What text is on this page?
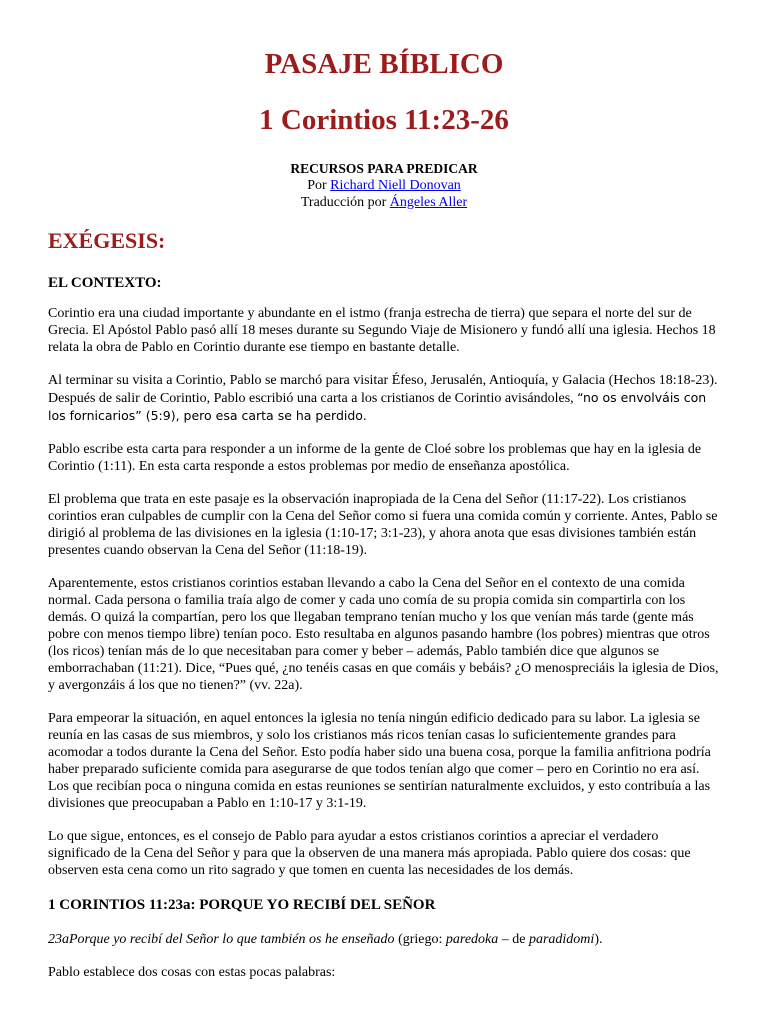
PASAJE BÍBLICO
1 Corintios 11:23-26
RECURSOS PARA PREDICAR
Por Richard Niell Donovan
Traducción por Ángeles Aller
EXÉGESIS:
EL CONTEXTO:

Corintio era una ciudad importante y abundante en el istmo (franja estrecha de tierra) que separa el norte del sur de Grecia. El Apóstol Pablo pasó allí 18 meses durante su Segundo Viaje de Misionero y fundó allí una iglesia. Hechos 18 relata la obra de Pablo en Corintio durante ese tiempo en bastante detalle.

Al terminar su visita a Corintio, Pablo se marchó para visitar Éfeso, Jerusalén, Antioquía, y Galacia (Hechos 18:18-23). Después de salir de Corintio, Pablo escribió una carta a los cristianos de Corintio avisándoles, “no os envolváis con los fornicarios” (5:9), pero esa carta se ha perdido.

Pablo escribe esta carta para responder a un informe de la gente de Cloé sobre los problemas que hay en la iglesia de Corintio (1:11). En esta carta responde a estos problemas por medio de enseñanza apostólica.

El problema que trata en este pasaje es la observación inapropiada de la Cena del Señor (11:17-22). Los cristianos corintios eran culpables de cumplir con la Cena del Señor como si fuera una comida común y corriente. Antes, Pablo se dirigió al problema de las divisiones en la iglesia (1:10-17; 3:1-23), y ahora anota que esas divisiones también están presentes cuando observan la Cena del Señor (11:18-19).

Aparentemente, estos cristianos corintios estaban llevando a cabo la Cena del Señor en el contexto de una comida normal. Cada persona o familia traía algo de comer y cada uno comía de su propia comida sin compartirla con los demás. O quizá la compartían, pero los que llegaban temprano tenían mucho y los que venían más tarde (gente más pobre con menos tiempo libre) tenían poco. Esto resultaba en algunos pasando hambre (los pobres) mientras que otros (los ricos) tenían más de lo que necesitaban para comer y beber – además, Pablo también dice que algunos se emborrachaban (11:21). Dice, “Pues qué, ¿no tenéis casas en que comáis y bebáis? ¿O menospreciáis la iglesia de Dios, y avergonzáis á los que no tienen?” (vv. 22a).

Para empeorar la situación, en aquel entonces la iglesia no tenía ningún edificio dedicado para su labor. La iglesia se reunía en las casas de sus miembros, y solo los cristianos más ricos tenían casas lo suficientemente grandes para acomodar a todos durante la Cena del Señor. Esto podía haber sido una buena cosa, porque la familia anfitriona podría haber preparado suficiente comida para asegurarse de que todos tenían algo que comer – pero en Corintio no era así. Los que recibían poca o ninguna comida en estas reuniones se sentirían naturalmente excluidos, y esto contribuía a las divisiones que preocupaban a Pablo en 1:10-17 y 3:1-19.

Lo que sigue, entonces, es el consejo de Pablo para ayudar a estos cristianos corintios a apreciar el verdadero significado de la Cena del Señor y para que la observen de una manera más apropiada. Pablo quiere dos cosas: que observen esta cena como un rito sagrado y que tomen en cuenta las necesidades de los demás.

1 CORINTIOS 11:23a: PORQUE YO RECIBÍ DEL SEÑOR

23aPorque yo recibí del Señor lo que también os he enseñado (griego: paredoka – de paradidomi).

Pablo establece dos cosas con estas pocas palabras:
